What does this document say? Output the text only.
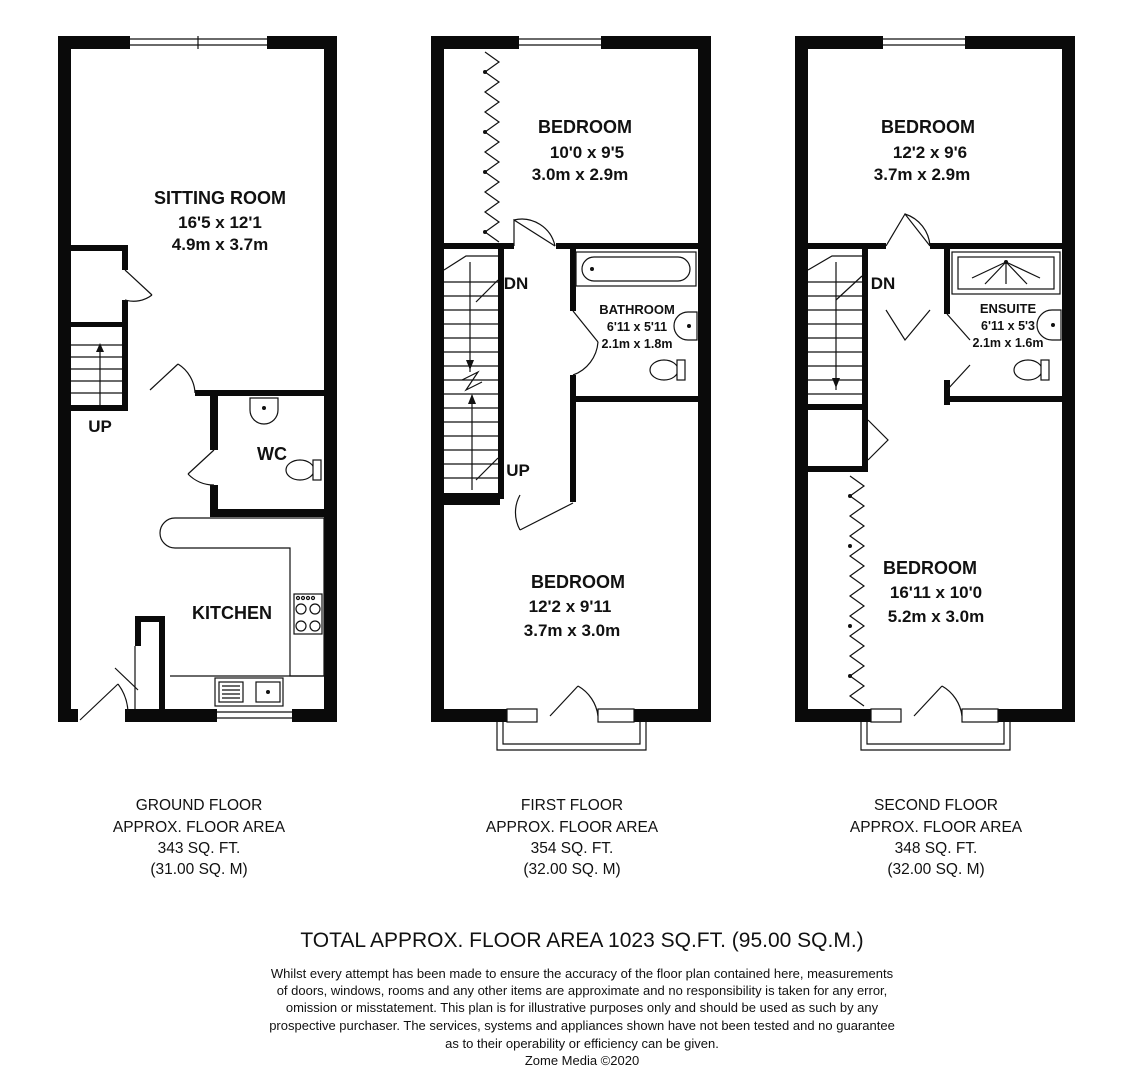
SITTING ROOM
16'5 x 12'1
4.9m x 3.7m
WC
KITCHEN
UP
BEDROOM
10'0 x 9'5
3.0m x 2.9m
BATHROOM
6'11 x 5'11
2.1m x 1.8m
BEDROOM
12'2 x 9'11
3.7m x 3.0m
DN
UP
BEDROOM
12'2 x 9'6
3.7m x 2.9m
ENSUITE
6'11 x 5'3
2.1m x 1.6m
BEDROOM
16'11 x 10'0
5.2m x 3.0m
DN
GROUND FLOOR
APPROX. FLOOR AREA
343 SQ. FT.
(31.00 SQ. M)
FIRST FLOOR
APPROX. FLOOR AREA
354 SQ. FT.
(32.00 SQ. M)
SECOND FLOOR
APPROX. FLOOR AREA
348 SQ. FT.
(32.00 SQ. M)
TOTAL APPROX. FLOOR AREA 1023 SQ.FT. (95.00 SQ.M.)
Whilst every attempt has been made to ensure the accuracy of the floor plan contained here, measurements
of doors, windows, rooms and any other items are approximate and no responsibility is taken for any error,
omission or misstatement. This plan is for illustrative purposes only and should be used as such by any
prospective purchaser. The services, systems and appliances shown have not been tested and no guarantee
as to their operability or efficiency can be given.
Zome Media ©2020
